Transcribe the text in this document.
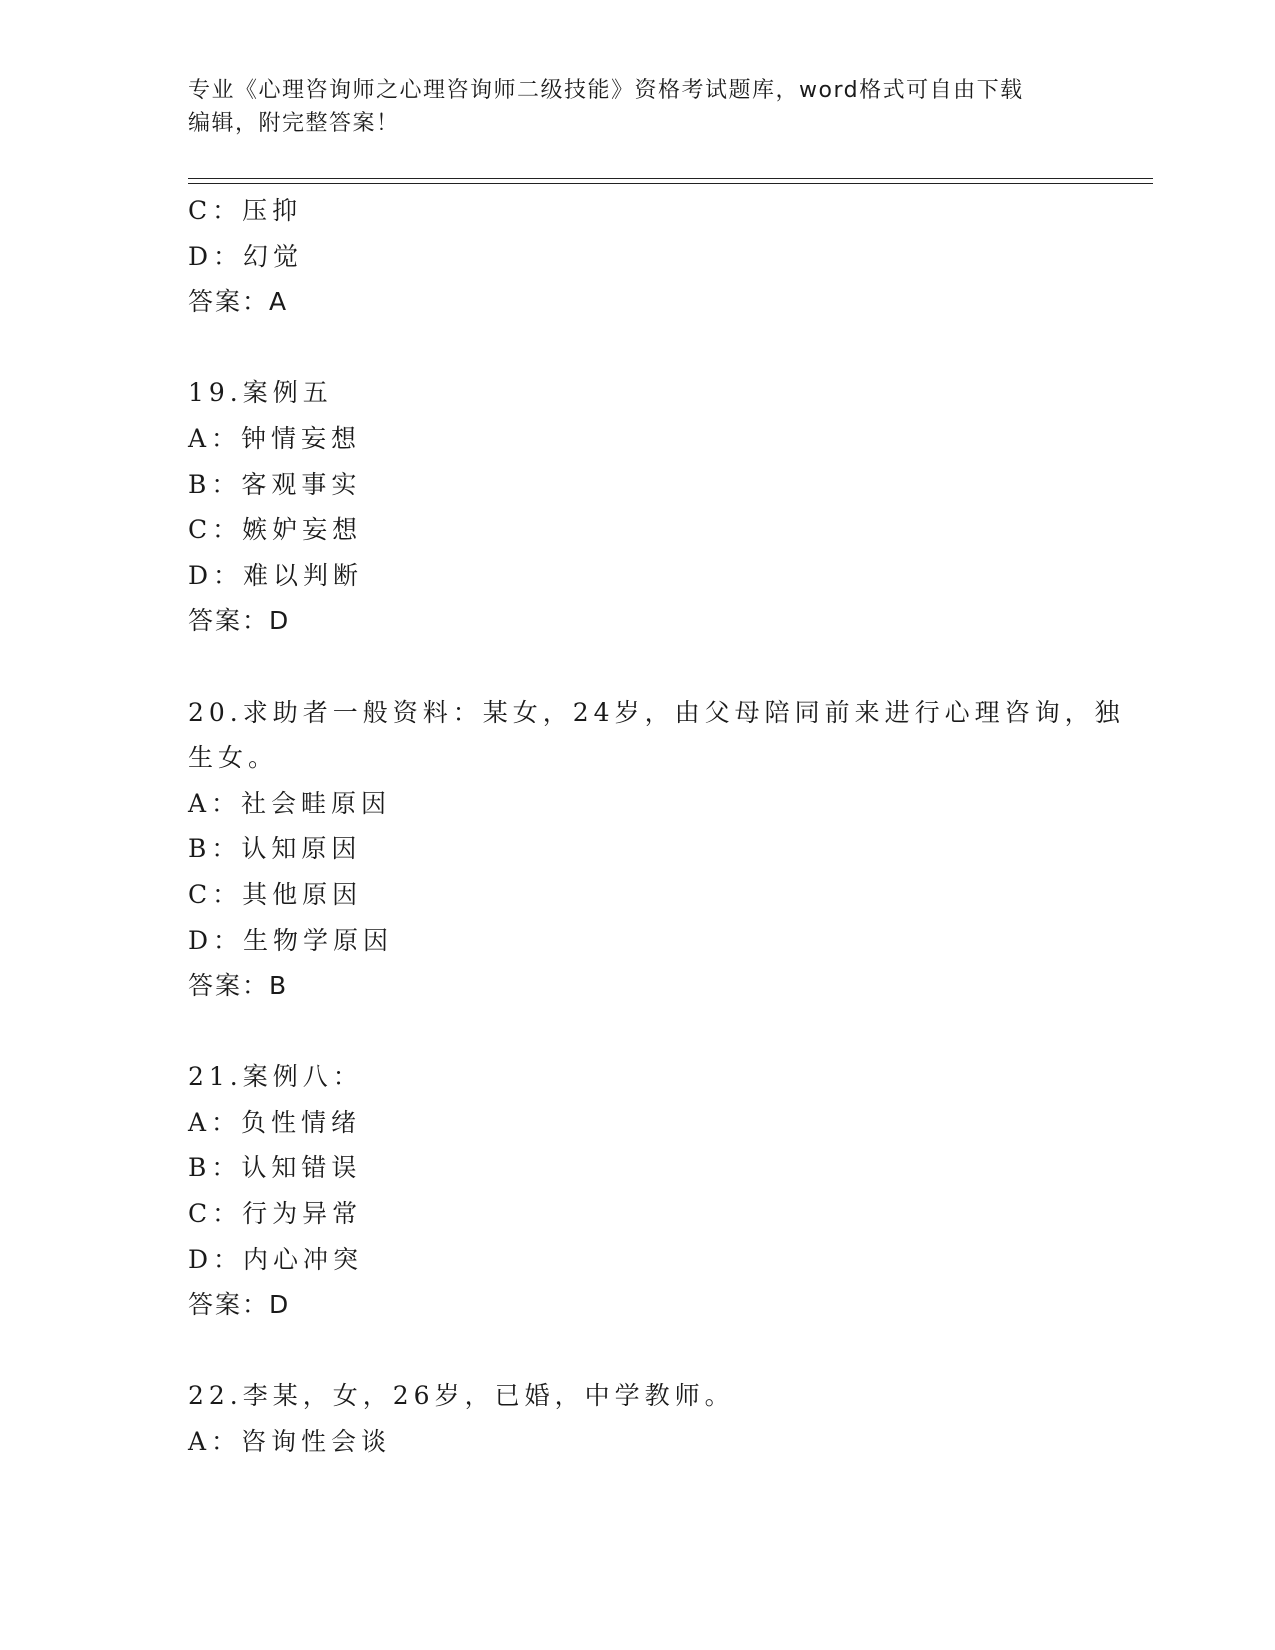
专业《心理咨询师之心理咨询师二级技能》资格考试题库，word格式可自由下载
编辑，附完整答案！
C：压抑
D：幻觉
答案：A
19.案例五
A：钟情妄想
B：客观事实
C：嫉妒妄想
D：难以判断
答案：D
20.求助者一般资料：某女，24岁，由父母陪同前来进行心理咨询，独
生女。
A：社会畦原因
B：认知原因
C：其他原因
D：生物学原因
答案：B
21.案例八：
A：负性情绪
B：认知错误
C：行为异常
D：内心冲突
答案：D
22.李某，女，26岁，已婚，中学教师。
A：咨询性会谈
